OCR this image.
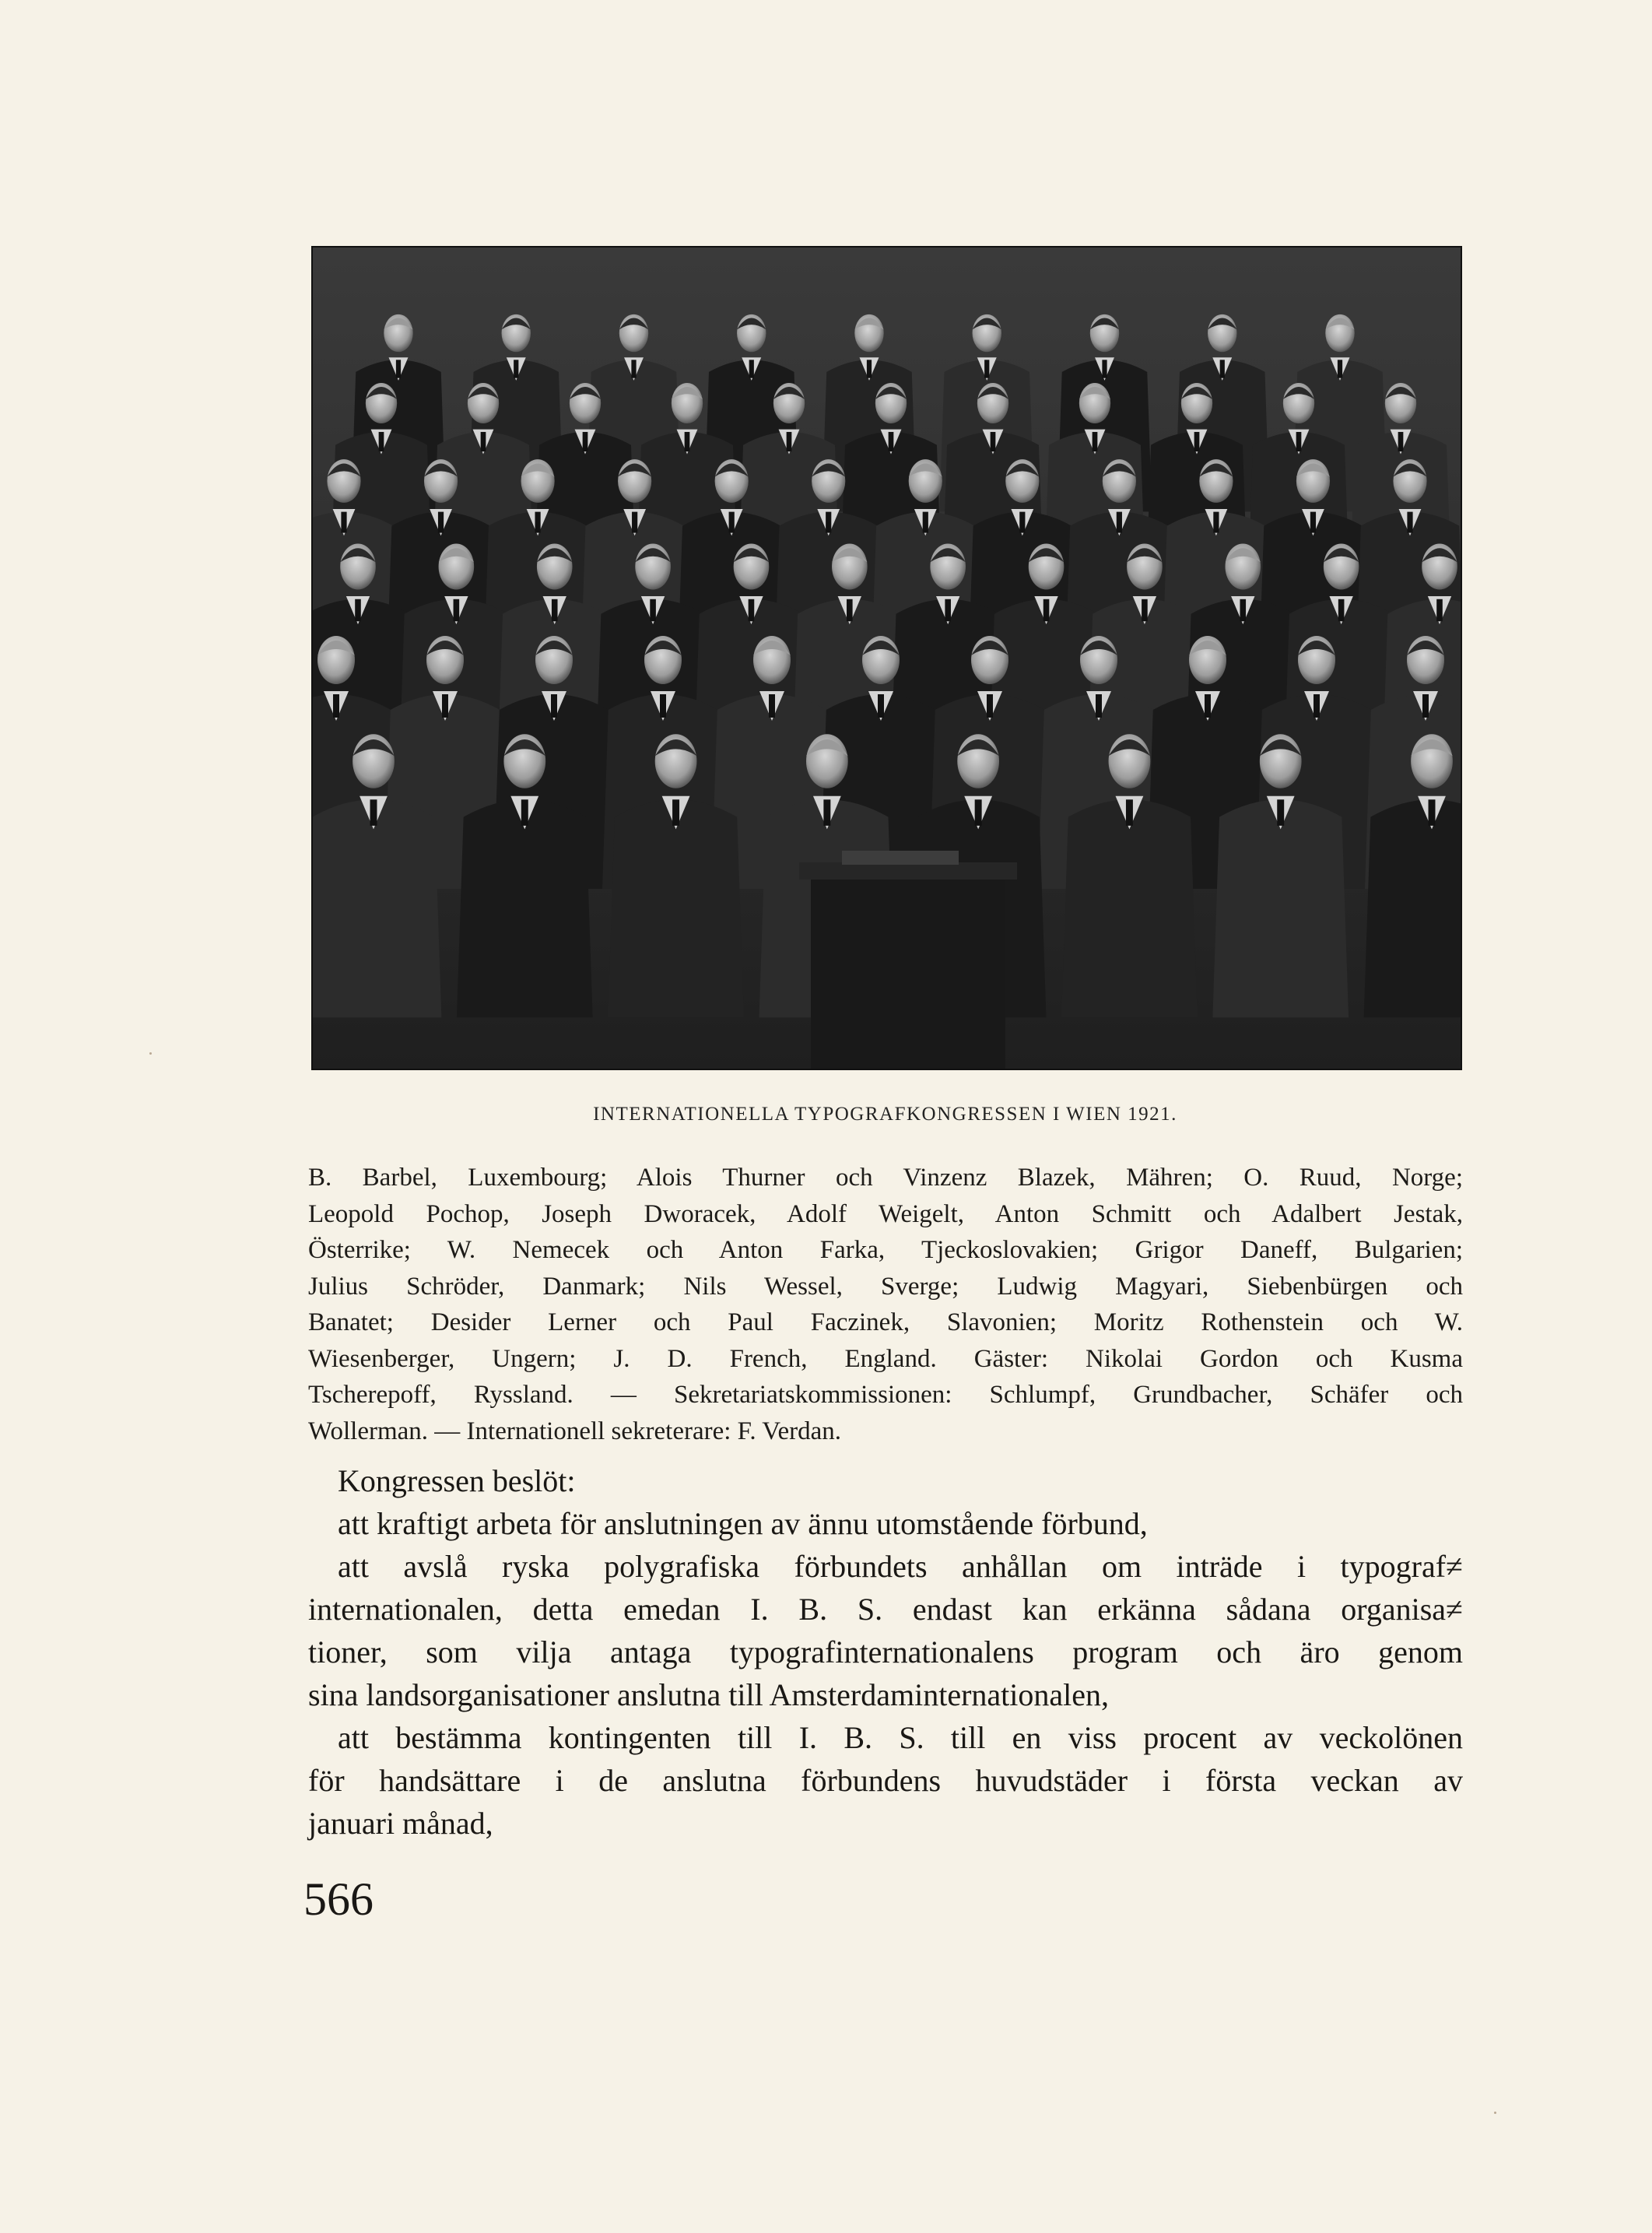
INTERNATIONELLA TYPOGRAFKONGRESSEN I WIEN 1921.

B. Barbel, Luxembourg; Alois Thurner och Vinzenz Blazek, Mähren; O. Ruud, Norge;

Leopold Pochop, Joseph Dworacek, Adolf Weigelt, Anton Schmitt och Adalbert Jestak,

Österrike; W. Nemecek och Anton Farka, Tjeckoslovakien; Grigor Daneff, Bulgarien;

Julius Schröder, Danmark; Nils Wessel, Sverge; Ludwig Magyari, Siebenbürgen och

Banatet; Desider Lerner och Paul Faczinek, Slavonien; Moritz Rothenstein och W.

Wiesenberger, Ungern; J. D. French, England. Gäster: Nikolai Gordon och Kusma

Tscherepoff, Ryssland. — Sekretariatskommissionen: Schlumpf, Grundbacher, Schäfer och

Wollerman. — Internationell sekreterare: F. Verdan.

Kongressen beslöt:

att kraftigt arbeta för anslutningen av ännu utomstående förbund,

att avslå ryska polygrafiska förbundets anhållan om inträde i typograf≠

internationalen, detta emedan I. B. S. endast kan erkänna sådana organisa≠

tioner, som vilja antaga typografinternationalens program och äro genom

sina landsorganisationer anslutna till Amsterdaminternationalen,

att bestämma kontingenten till I. B. S. till en viss procent av veckolönen

för handsättare i de anslutna förbundens huvudstäder i första veckan av

januari månad,

566
